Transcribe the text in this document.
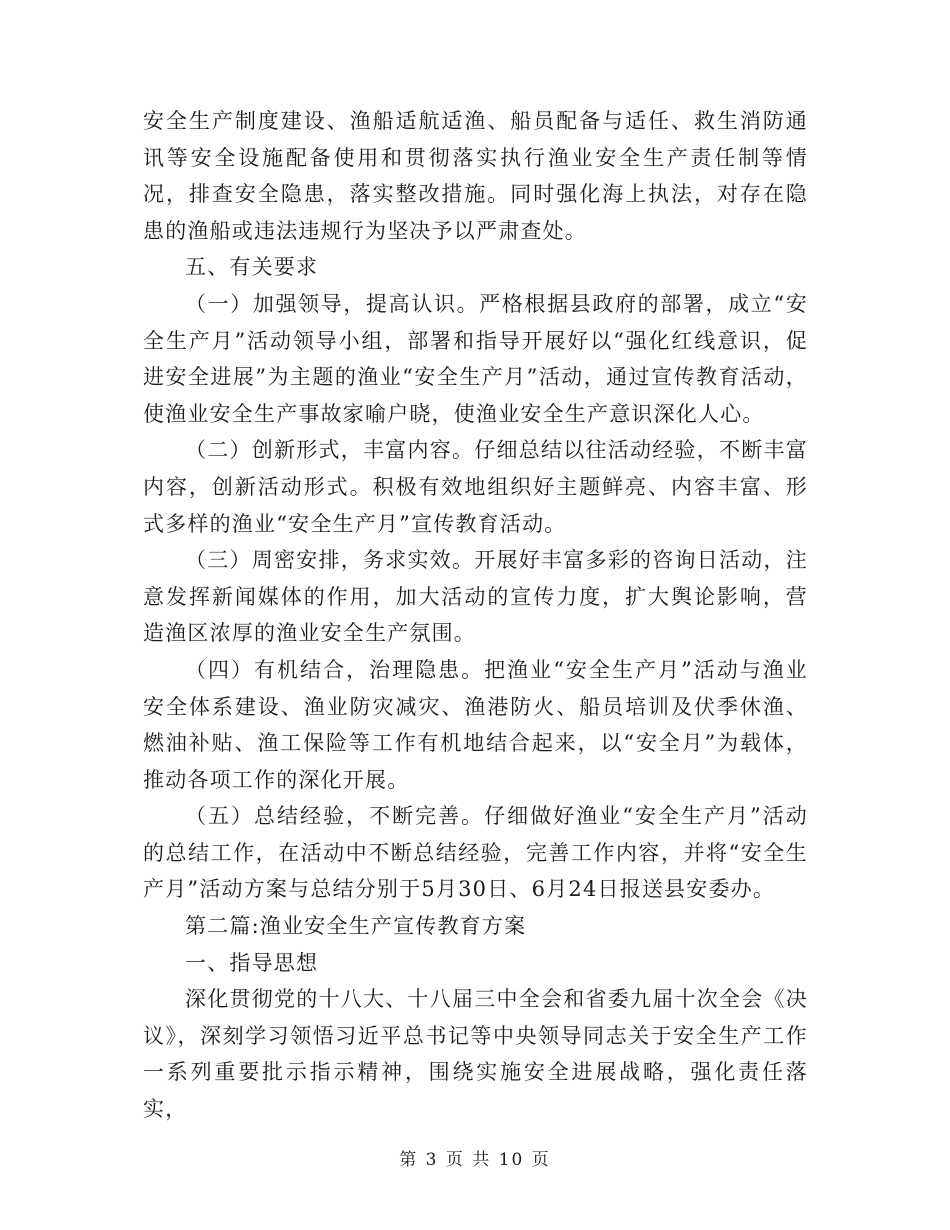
安全生产制度建设、渔船适航适渔、船员配备与适任、救生消防通讯等安全设施配备使用和贯彻落实执行渔业安全生产责任制等情况，排查安全隐患，落实整改措施。同时强化海上执法，对存在隐患的渔船或违法违规行为坚决予以严肃查处。

五、有关要求

（一）加强领导，提高认识。严格根据县政府的部署，成立“安全生产月”活动领导小组，部署和指导开展好以“强化红线意识，促进安全进展”为主题的渔业“安全生产月”活动，通过宣传教育活动，使渔业安全生产事故家喻户晓，使渔业安全生产意识深化人心。

（二）创新形式，丰富内容。仔细总结以往活动经验，不断丰富内容，创新活动形式。积极有效地组织好主题鲜亮、内容丰富、形式多样的渔业“安全生产月”宣传教育活动。

（三）周密安排，务求实效。开展好丰富多彩的咨询日活动，注意发挥新闻媒体的作用，加大活动的宣传力度，扩大舆论影响，营造渔区浓厚的渔业安全生产氛围。

（四）有机结合，治理隐患。把渔业“安全生产月”活动与渔业安全体系建设、渔业防灾减灾、渔港防火、船员培训及伏季休渔、燃油补贴、渔工保险等工作有机地结合起来，以“安全月”为载体，推动各项工作的深化开展。

（五）总结经验，不断完善。仔细做好渔业“安全生产月”活动的总结工作，在活动中不断总结经验，完善工作内容，并将“安全生产月”活动方案与总结分别于5月30日、6月24日报送县安委办。

第二篇:渔业安全生产宣传教育方案

一、指导思想

深化贯彻党的十八大、十八届三中全会和省委九届十次全会《决议》，深刻学习领悟习近平总书记等中央领导同志关于安全生产工作一系列重要批示指示精神，围绕实施安全进展战略，强化责任落实，

第 3 页 共 10 页
